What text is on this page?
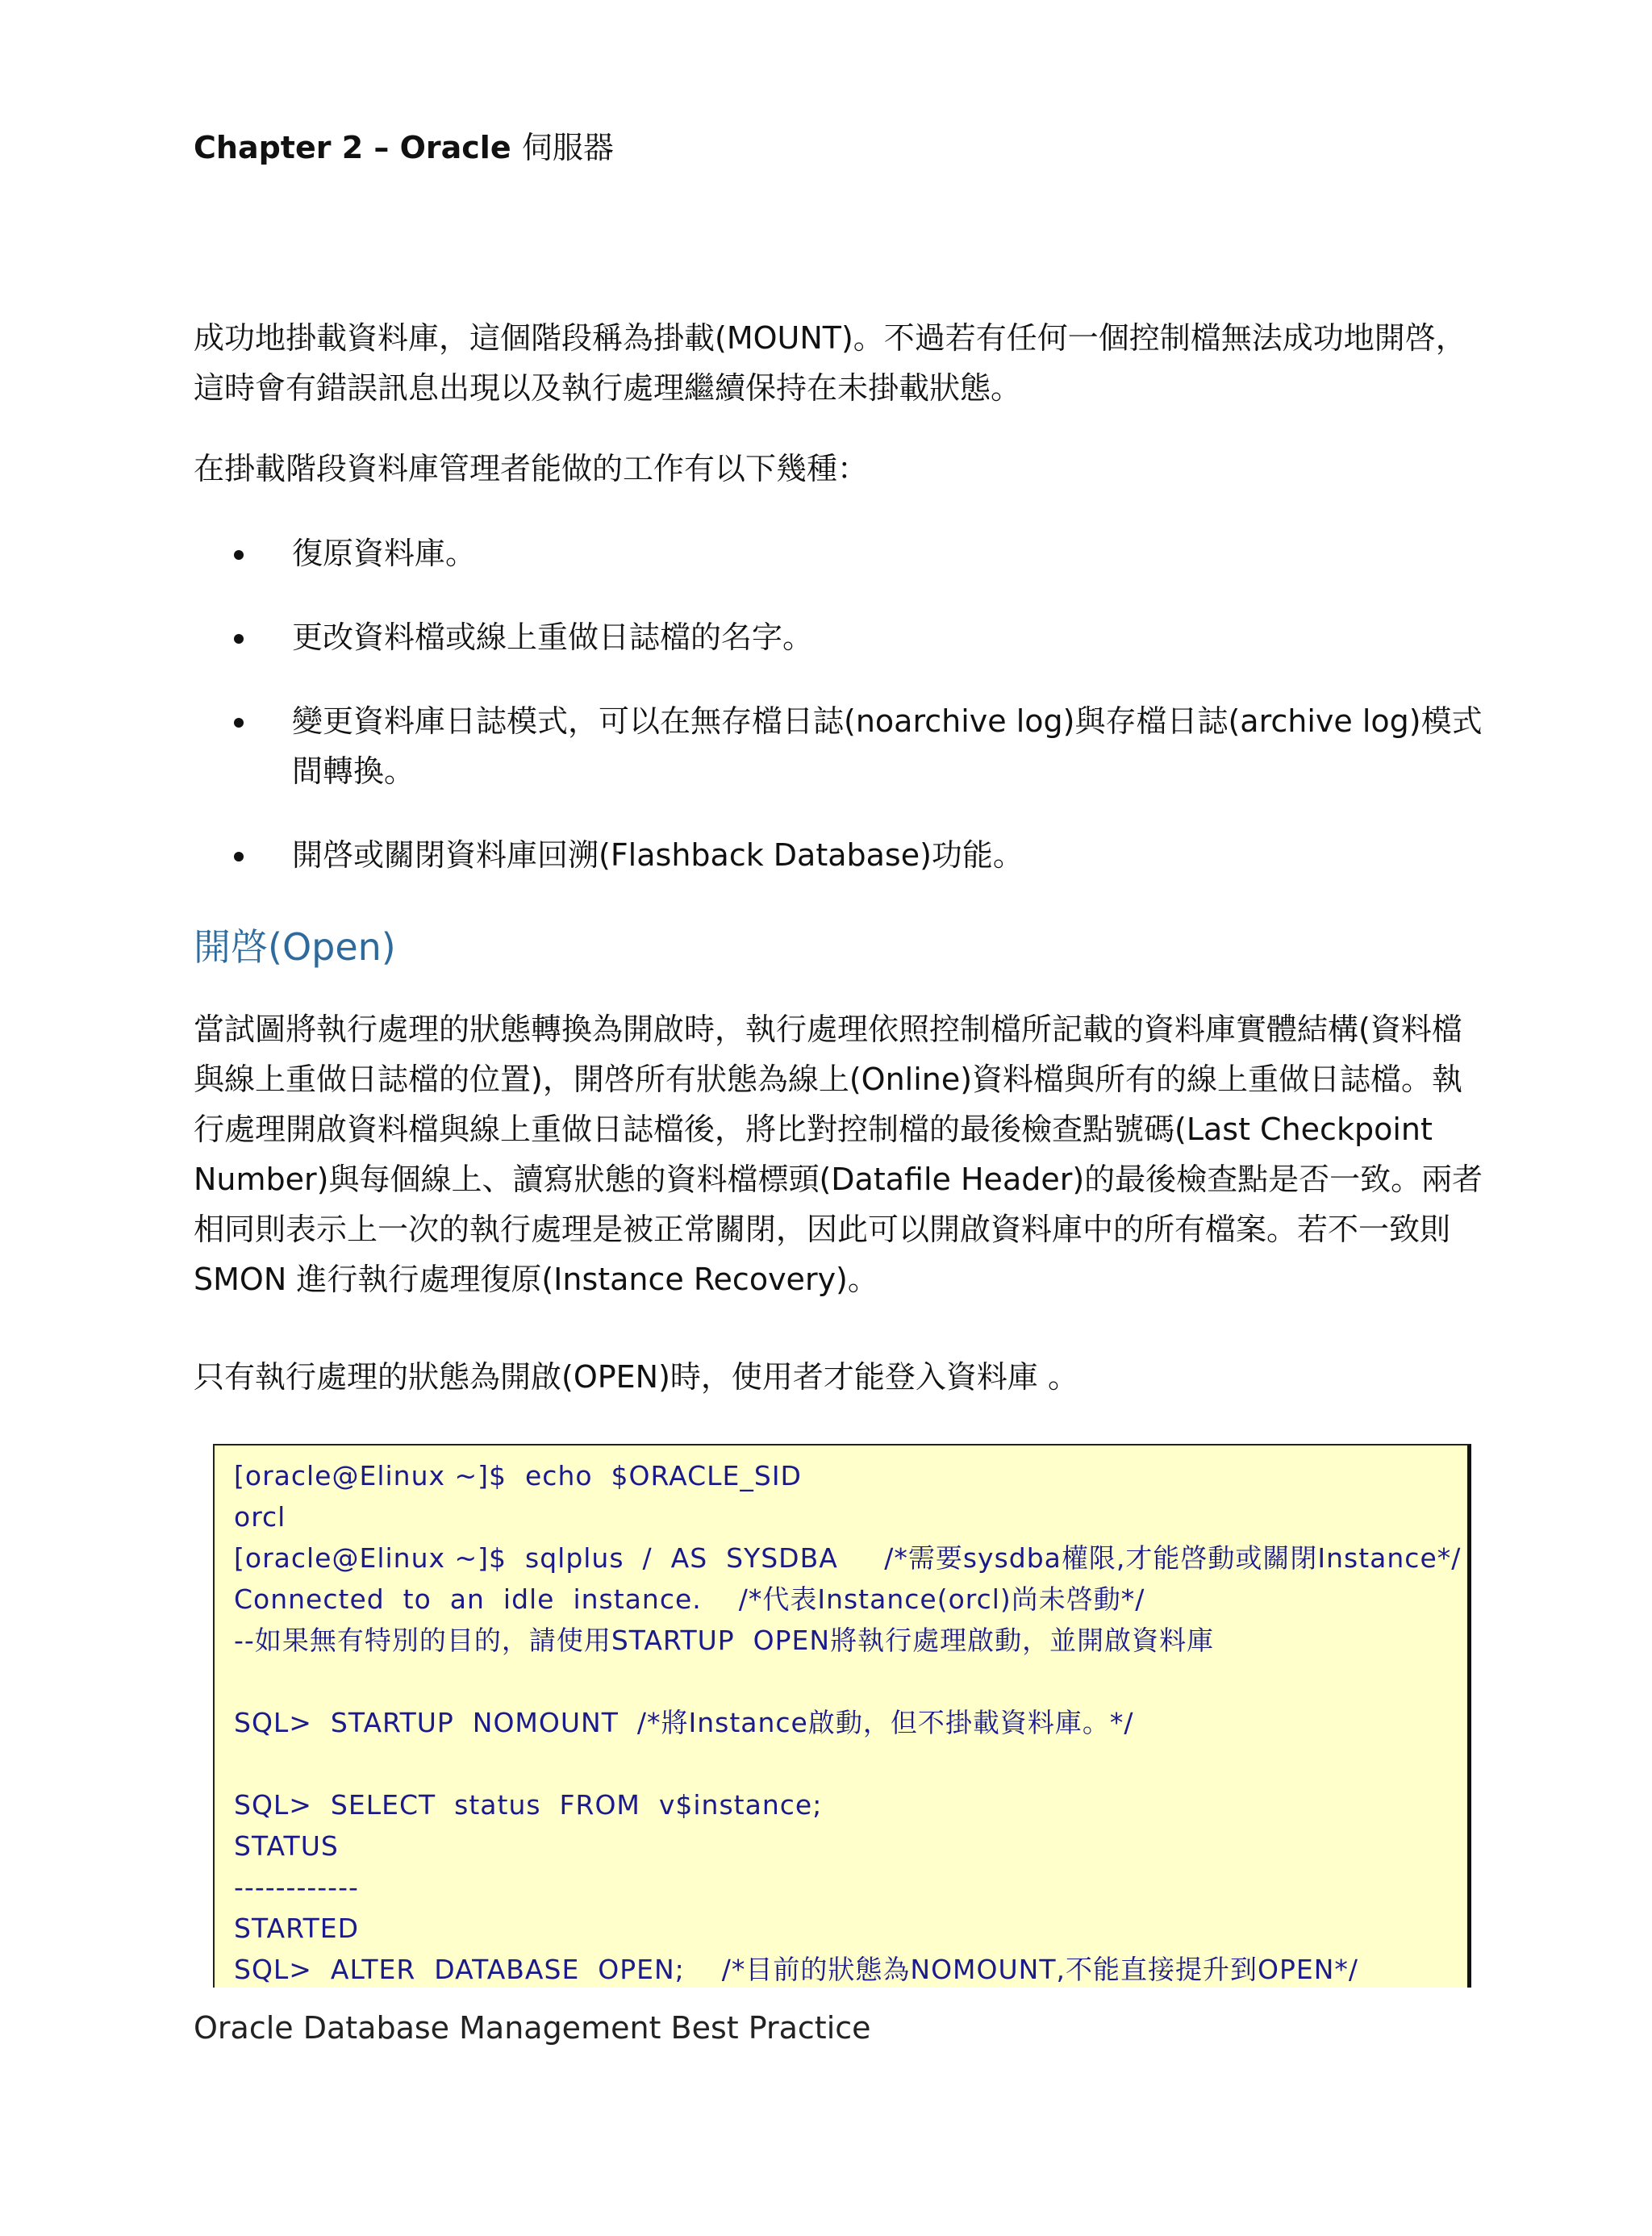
Chapter 2 – Oracle 伺服器

成功地掛載資料庫，這個階段稱為掛載(MOUNT)。不過若有任何一個控制檔無法成功地開啓，這時會有錯誤訊息出現以及執行處理繼續保持在未掛載狀態。

在掛載階段資料庫管理者能做的工作有以下幾種：

復原資料庫。
更改資料檔或線上重做日誌檔的名字。
變更資料庫日誌模式，可以在無存檔日誌(noarchive log)與存檔日誌(archive log)模式間轉換。
開啓或關閉資料庫回溯(Flashback Database)功能。
開啓(Open)

當試圖將執行處理的狀態轉換為開啟時，執行處理依照控制檔所記載的資料庫實體結構(資料檔與線上重做日誌檔的位置)，開啓所有狀態為線上(Online)資料檔與所有的線上重做日誌檔。執行處理開啟資料檔與線上重做日誌檔後，將比對控制檔的最後檢查點號碼(Last Checkpoint Number)與每個線上、讀寫狀態的資料檔標頭(Datafile Header)的最後檢查點是否一致。兩者相同則表示上一次的執行處理是被正常關閉，因此可以開啟資料庫中的所有檔案。若不一致則 SMON 進行執行處理復原(Instance Recovery)。

只有執行處理的狀態為開啟(OPEN)時，使用者才能登入資料庫 。

[oracle@Elinux ~]$  echo  $ORACLE_SID
orcl
[oracle@Elinux ~]$  sqlplus  /  AS  SYSDBA     /*需要sysdba權限,才能啓動或關閉Instance*/
Connected  to  an  idle  instance.    /*代表Instance(orcl)尚未啓動*/
--如果無有特別的目的，請使用STARTUP  OPEN將執行處理啟動，並開啟資料庫
SQL>  STARTUP  NOMOUNT  /*將Instance啟動，但不掛載資料庫。*/
SQL>  SELECT  status  FROM  v$instance;
STATUS
------------
STARTED
SQL>  ALTER  DATABASE  OPEN;    /*目前的狀態為NOMOUNT,不能直接提升到OPEN*/
Oracle Database Management Best Practice
